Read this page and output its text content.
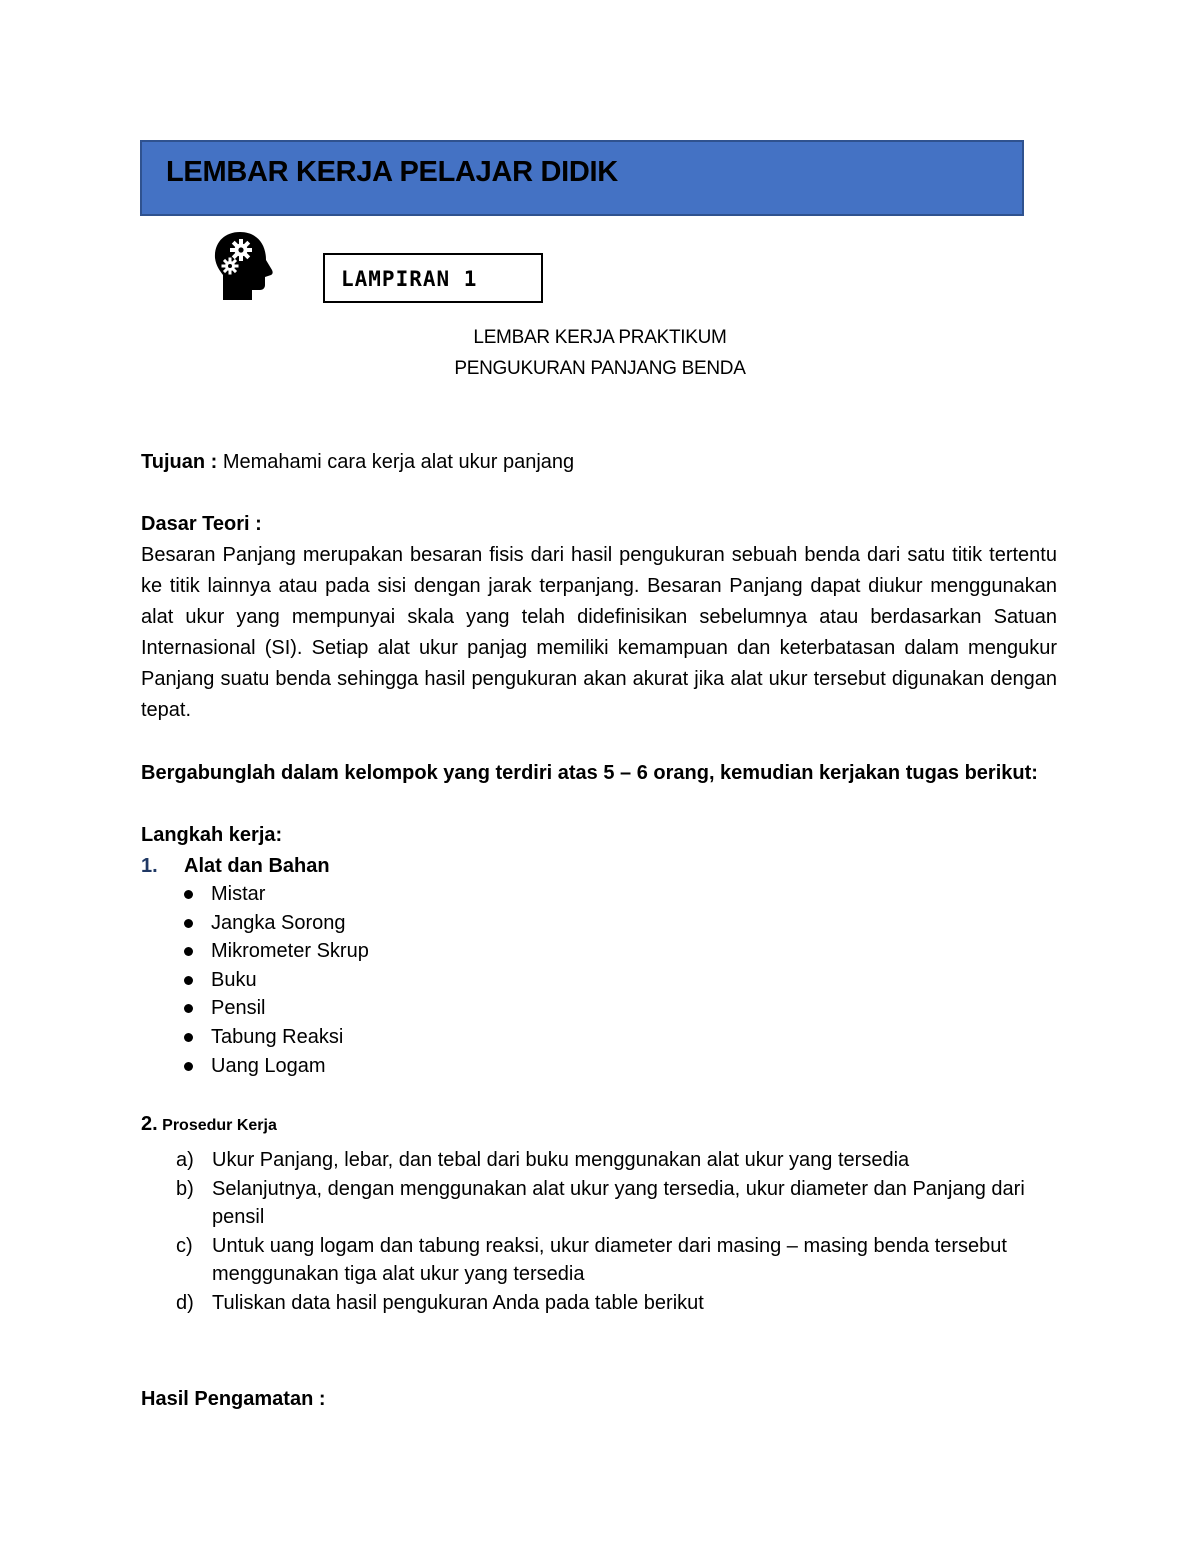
LEMBAR KERJA PELAJAR DIDIK
LAMPIRAN 1
LEMBAR KERJA PRAKTIKUM
PENGUKURAN PANJANG BENDA
Tujuan : Memahami cara kerja alat ukur panjang
Dasar Teori :
Besaran Panjang merupakan besaran fisis dari hasil pengukuran sebuah benda dari satu titik tertentu ke titik lainnya atau pada sisi dengan jarak terpanjang. Besaran Panjang dapat diukur menggunakan alat ukur yang mempunyai skala yang telah didefinisikan sebelumnya atau berdasarkan Satuan Internasional (SI). Setiap alat ukur panjag memiliki kemampuan dan keterbatasan dalam mengukur Panjang suatu benda sehingga hasil pengukuran akan akurat jika alat ukur tersebut digunakan dengan tepat.
Bergabunglah dalam kelompok yang terdiri atas 5 – 6 orang, kemudian kerjakan tugas berikut:
Langkah kerja:
1. Alat dan Bahan
Mistar
Jangka Sorong
Mikrometer Skrup
Buku
Pensil
Tabung Reaksi
Uang Logam
2. Prosedur Kerja
a) Ukur Panjang, lebar, dan tebal dari buku menggunakan alat ukur yang tersedia
b) Selanjutnya, dengan menggunakan alat ukur yang tersedia, ukur diameter dan Panjang dari pensil
c) Untuk uang logam dan tabung reaksi, ukur diameter dari masing – masing benda tersebut menggunakan tiga alat ukur yang tersedia
d) Tuliskan data hasil pengukuran Anda pada table berikut
Hasil Pengamatan :
